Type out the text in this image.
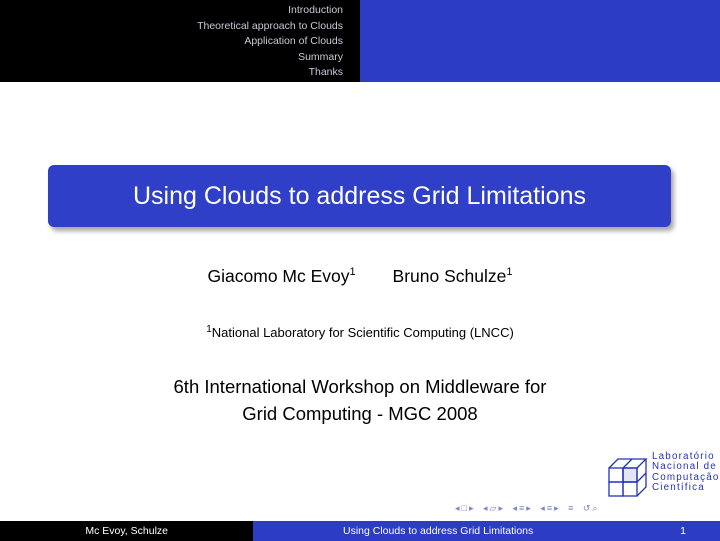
Introduction
Theoretical approach to Clouds
Application of Clouds
Summary
Thanks
Using Clouds to address Grid Limitations
Giacomo Mc Evoy$^1$ Bruno Schulze$^1$
$^1$National Laboratory for Scientific Computing (LNCC)
6th International Workshop on Middleware for
Grid Computing - MGC 2008
Laboratório
Nacional de
Computação
Científica
◂□▸ ◂▱▸ ◂≡▸ ◂≡▸ ≡ ↺⌕
Mc Evoy, Schulze	Using Clouds to address Grid Limitations	1
